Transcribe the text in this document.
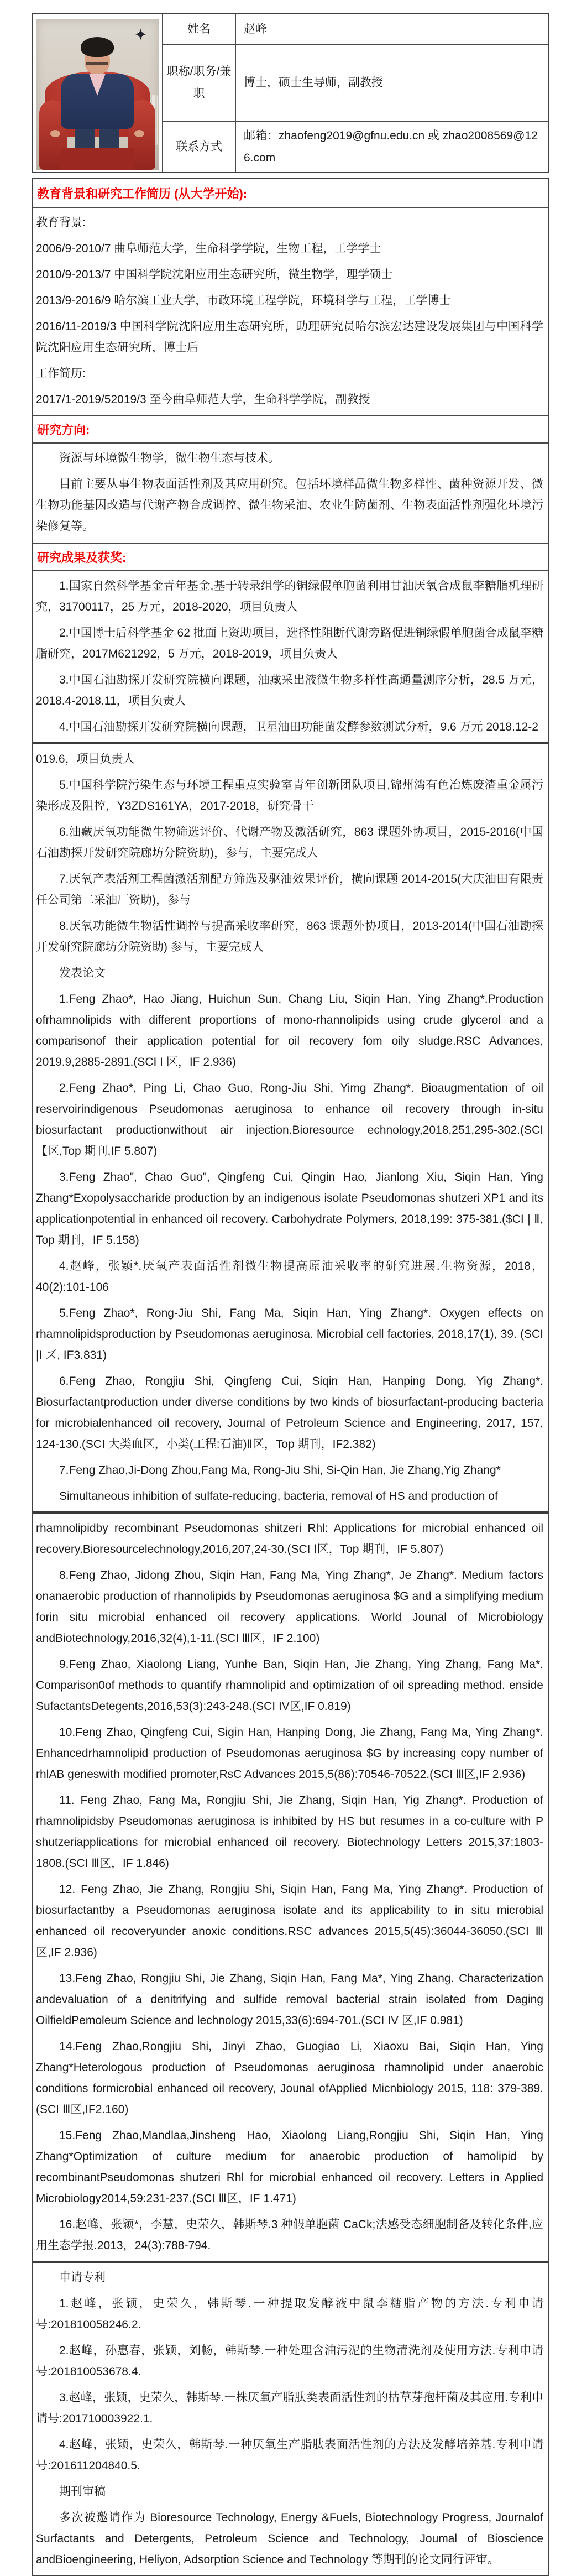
✦	姓名	赵峰
职称/职务/兼职
博士，硕士生导师，副教授
联系方式
邮箱：zhaofeng2019@gfnu.edu.cn 或 zhao2008569@126.com
教育背景和研究工作简历 (从大学开始):

教育背景:

2006/9-2010/7 曲阜师范大学，生命科学学院，生物工程，工学学士

2010/9-2013/7 中国科学院沈阳应用生态研究所，微生物学，理学硕士

2013/9-2016/9 哈尔滨工业大学，市政环境工程学院，环境科学与工程，工学博士

2016/11-2019/3 中国科学院沈阳应用生态研究所，助理研究员哈尔滨宏达建设发展集团与中国科学院沈阳应用生态研究所，博士后

工作简历:

2017/1-2019/52019/3 至今曲阜师范大学，生命科学学院，副教授

研究方向:

资源与环境微生物学，微生物生态与技术。

目前主要从事生物表面活性剂及其应用研究。包括环境样品微生物多样性、菌种资源开发、微生物功能基因改造与代谢产物合成调控、微生物采油、农业生防菌剂、生物表面活性剂强化环境污染修复等。

研究成果及获奖:

1.国家自然科学基金青年基金,基于转录组学的铜绿假单胞菌利用甘油厌氧合成鼠李糖脂机理研究，31700117，25 万元，2018-2020，项目负责人

2.中国博士后科学基金 62 批面上资助项目，选择性阻断代谢旁路促进铜绿假单胞菌合成鼠李糖脂研究，2017M621292，5 万元，2018-2019，项目负责人

3.中国石油勘探开发研究院横向课题，油藏采出液微生物多样性高通量测序分析，28.5 万元，2018.4-2018.11，项目负责人

4.中国石油勘探开发研究院横向课题，卫星油田功能菌发酵参数测试分析，9.6 万元 2018.12-2

019.6，项目负责人

5.中国科学院污染生态与环境工程重点实验室青年创新团队项目,锦州湾有色冶炼废渣重金属污染形成及阻控，Y3ZDS161YA，2017-2018，研究骨干

6.油藏厌氧功能微生物筛选评价、代谢产物及激活研究，863 课题外协项目，2015-2016(中国石油勘探开发研究院廊坊分院资助)，参与，主要完成人

7.厌氧产表活剂工程菌激活剂配方筛选及驱油效果评价，横向课题 2014-2015(大庆油田有限责任公司第二采油厂资助)，参与

8.厌氧功能微生物活性调控与提高采收率研究，863 课题外协项目，2013-2014(中国石油勘探开发研究院廊坊分院资助) 参与，主要完成人

发表论文

1.Feng Zhao*, Hao Jiang, Huichun Sun, Chang Liu, Siqin Han, Ying Zhang*.Production ofrhamnolipids with different proportions of mono-rhannolipids using crude glycerol and a comparisonof their application potential for oil recovery fom oily sludge.RSC Advances, 2019.9,2885-2891.(SCI I 区，IF 2.936)

2.Feng Zhao*, Ping Li, Chao Guo, Rong-Jiu Shi, Yimg Zhang*. Bioaugmentation of oil reservoirindigenous Pseudomonas aeruginosa to enhance oil recovery through in-situ biosurfactant productionwithout air injection.Bioresource echnology,2018,251,295-302.(SCI 【区,Top 期刊,IF 5.807)

3.Feng Zhao", Chao Guo", Qingfeng Cui, Qingin Hao, Jianlong Xiu, Siqin Han, Ying Zhang*Exopolysaccharide production by an indigenous isolate Pseudomonas shutzeri XP1 and its applicationpotential in enhanced oil recovery. Carbohydrate Polymers, 2018,199: 375-381.($CI | Ⅱ, Top 期刊，IF 5.158)

4.赵峰，张颖*.厌氧产表面活性剂微生物提高原油采收率的研究进展.生物资源，2018，40(2):101-106

5.Feng Zhao*, Rong-Jiu Shi, Fang Ma, Siqin Han, Ying Zhang*. Oxygen effects on rhamnolipidsproduction by Pseudomonas aeruginosa. Microbial cell factories, 2018,17(1), 39. (SCI |I ズ, IF3.831)

6.Feng Zhao, Rongjiu Shi, Qingfeng Cui, Siqin Han, Hanping Dong, Yig Zhang*. Biosurfactantproduction under diverse conditions by two kinds of biosurfactant-producing bacteria for microbialenhanced oil recovery, Journal of Petroleum Science and Engineering, 2017, 157, 124-130.(SCI 大类血区，小类(工程:石油)Ⅱ区，Top 期刊，IF2.382)

7.Feng Zhao,Ji-Dong Zhou,Fang Ma, Rong-Jiu Shi, Si-Qin Han, Jie Zhang,Yig Zhang*

Simultaneous inhibition of sulfate-reducing, bacteria, removal of HS and production of

rhamnolipidby recombinant Pseudomonas shitzeri Rhl: Applications for microbial enhanced oil recovery.Bioresourcelechnology,2016,207,24-30.(SCI Ⅰ区，Top 期刊，IF 5.807)

8.Feng Zhao, Jidong Zhou, Siqin Han, Fang Ma, Ying Zhang*, Je Zhang*. Medium factors onanaerobic production of rhannolipids by Pseudomonas aeruginosa $G and a simplifying medium forin situ microbial enhanced oil recovery applications. World Jounal of Microbiology andBiotechnology,2016,32(4),1-11.(SCI Ⅲ区，IF 2.100)

9.Feng Zhao, Xiaolong Liang, Yunhe Ban, Siqin Han, Jie Zhang, Ying Zhang, Fang Ma*. Comparison0of methods to quantify rhamnolipid and optimization of oil spreading method. enside SufactantsDetegents,2016,53(3):243-248.(SCI IV区,IF 0.819)

10.Feng Zhao, Qingfeng Cui, Sigin Han, Hanping Dong, Jie Zhang, Fang Ma, Ying Zhang*. Enhancedrhamnolipid production of Pseudomonas aeruginosa $G by increasing copy number of rhlAB geneswith modified promoter,RsC Advances 2015,5(86):70546-70522.(SCI Ⅲ区,IF 2.936)

11. Feng Zhao, Fang Ma, Rongjiu Shi, Jie Zhang, Siqin Han, Yig Zhang*. Production of rhamnolipidsby Pseudomonas aeruginosa is inhibited by HS but resumes in a co-culture with P shutzeriapplications for microbial enhanced oil recovery. Biotechnology Letters 2015,37:1803-1808.(SCI Ⅲ区，IF 1.846)

12. Feng Zhao, Jie Zhang, Rongjiu Shi, Siqin Han, Fang Ma, Ying Zhang*. Production of biosurfactantby a Pseudomonas aeruginosa isolate and its applicability to in situ microbial enhanced oil recoveryunder anoxic conditions.RSC advances 2015,5(45):36044-36050.(SCI Ⅲ区,IF 2.936)

13.Feng Zhao, Rongjiu Shi, Jie Zhang, Siqin Han, Fang Ma*, Ying Zhang. Characterization andevaluation of a denitrifying and sulfide removal bacterial strain isolated from Daging OilfieldPemoleum Science and lechnology 2015,33(6):694-701.(SCI IV 区,IF 0.981)

14.Feng Zhao,Rongjiu Shi, Jinyi Zhao, Guogiao Li, Xiaoxu Bai, Siqin Han, Ying Zhang*Heterologous production of Pseudomonas aeruginosa rhamnolipid under anaerobic conditions formicrobial enhanced oil recovery, Jounal ofApplied Micnbiology 2015, 118: 379-389. (SCI Ⅲ区,IF2.160)

15.Feng Zhao,Mandlaa,Jinsheng Hao, Xiaolong Liang,Rongjiu Shi, Siqin Han, Ying Zhang*Optimization of culture medium for anaerobic production of hamolipid by recombinantPseudomonas shutzeri Rhl for microbial enhanced oil recovery. Letters in Applied Microbiology2014,59:231-237.(SCI Ⅲ区，IF 1.471)

16.赵峰，张颖*，李慧，史荣久，韩斯琴.3 种假单胞菌 CaCk;法感受态细胞制备及转化条件,应用生态学报.2013，24(3):788-794.

申请专利

1.赵峰，张颖，史荣久，韩斯琴.一种提取发酵液中鼠李糖脂产物的方法.专利申请号:201810058246.2.

2.赵峰，孙惠春，张颖，刘畅，韩斯琴.一种处理含油污泥的生物清洗剂及使用方法.专利申请号:201810053678.4.

3.赵峰，张颖，史荣久，韩斯琴.一株厌氧产脂肽类表面活性剂的枯草芽孢杆菌及其应用.专利申请号:201710003922.1.

4.赵峰，张颖，史荣久，韩斯琴.一种厌氧生产脂肽表面活性剂的方法及发酵培养基.专利申请号:201611204840.5.

期刊审稿

多次被邀请作为 Bioresource Technology, Energy &Fuels, Biotechnology Progress, Journalof Surfactants and Detergents, Petroleum Science and Technology, Joumal of Bioscience andBioengineering, Heliyon, Adsorption Science and Technology 等期刊的论文同行评审。
